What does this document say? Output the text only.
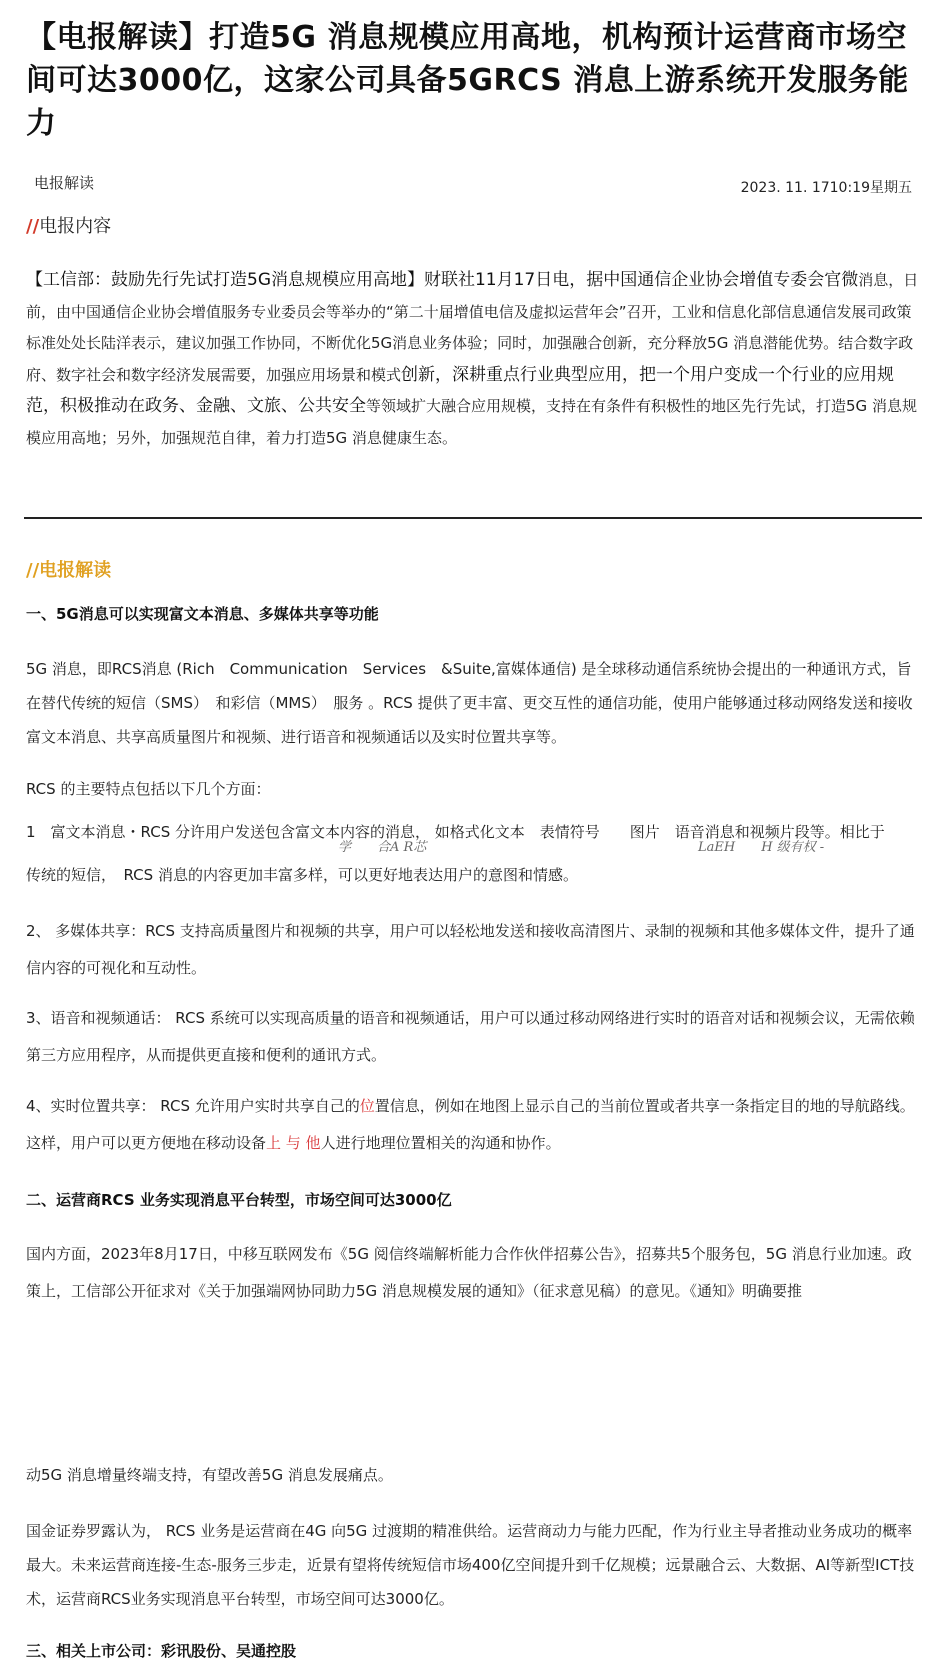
【电报解读】打造5G 消息规模应用高地，机构预计运营商市场空间可达3000亿，这家公司具备5GRCS 消息上游系统开发服务能力
电报解读	2023. 11. 1710:19星期五
//电报内容

【工信部：鼓励先行先试打造5G消息规模应用高地】财联社11月17日电，据中国通信企业协会增值专委会官微消息，日前，由中国通信企业协会增值服务专业委员会等举办的“第二十届增值电信及虚拟运营年会”召开，工业和信息化部信息通信发展司政策标准处处长陆洋表示，建议加强工作协同，不断优化5G消息业务体验；同时，加强融合创新，充分释放5G 消息潜能优势。结合数字政府、数字社会和数字经济发展需要，加强应用场景和模式创新，深耕重点行业典型应用，把一个用户变成一个行业的应用规范，积极推动在政务、金融、文旅、公共安全等领域扩大融合应用规模，支持在有条件有积极性的地区先行先试，打造5G 消息规模应用高地；另外，加强规范自律，着力打造5G 消息健康生态。

//电报解读
一、5G消息可以实现富文本消息、多媒体共享等功能

5G 消息，即RCS消息 (Rich　Communication　Services　&Suite,富媒体通信) 是全球移动通信系统协会提出的一种通讯方式，旨在替代传统的短信（SMS）　和彩信（MMS）　服务 。RCS 提供了更丰富、更交互性的通信功能，使用户能够通过移动网络发送和接收富文本消息、共享高质量图片和视频、进行语音和视频通话以及实时位置共享等。

RCS 的主要特点包括以下几个方面：

1　富文本消息・RCS 分许用户发送包含富文本内容的消息， 如格式化文本　表情符号　　图片　语音消息和视频片段等。相比于
学　　合A R芯	LaEH　　H 级有权 -
传统的短信，　RCS 消息的内容更加丰富多样，可以更好地表达用户的意图和情感。

2、 多媒体共享：RCS 支持高质量图片和视频的共享，用户可以轻松地发送和接收高清图片、录制的视频和其他多媒体文件，提升了通信内容的可视化和互动性。

3、语音和视频通话： RCS 系统可以实现高质量的语音和视频通话，用户可以通过移动网络进行实时的语音对话和视频会议，无需依赖第三方应用程序，从而提供更直接和便利的通讯方式。

4、实时位置共享： RCS 允许用户实时共享自己的位置信息，例如在地图上显示自己的当前位置或者共享一条指定目的地的导航路线。这样，用户可以更方便地在移动设备上 与 他人进行地理位置相关的沟通和协作。

二、运营商RCS 业务实现消息平台转型，市场空间可达3000亿

国内方面，2023年8月17日，中移互联网发布《5G 阅信终端解析能力合作伙伴招募公告》，招募共5个服务包，5G 消息行业加速。政策上，工信部公开征求对《关于加强端网协同助力5G 消息规模发展的通知》（征求意见稿）的意见。《通知》明确要推

动5G 消息增量终端支持，有望改善5G 消息发展痛点。

国金证券罗露认为， RCS 业务是运营商在4G 向5G 过渡期的精准供给。运营商动力与能力匹配，作为行业主导者推动业务成功的概率最大。未来运营商连接-生态-服务三步走，近景有望将传统短信市场400亿空间提升到千亿规模；远景融合云、大数据、AI等新型ICT技术，运营商RCS业务实现消息平台转型，市场空间可达3000亿。

三、相关上市公司：彩讯股份、吴通控股
